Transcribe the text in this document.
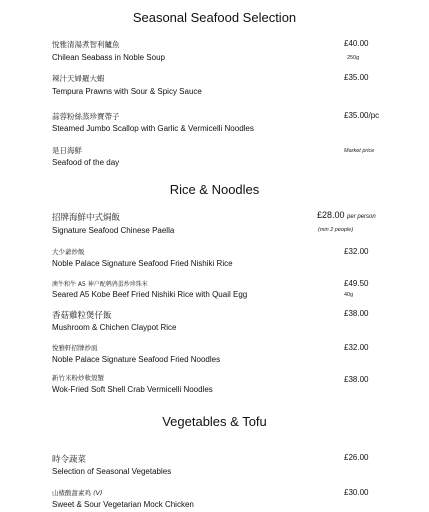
Seasonal Seafood Selection
悅雅清湯煮智利鱸魚	£40.00
Chilean Seabass in Noble Soup	250g
辣汁天婦羅大蝦	£35.00
Tempura Prawns with Sour & Spicy Sauce
蒜蓉粉絲蒸珍寶帶子	£35.00/pc
Steamed Jumbo Scallop with Garlic & Vermicelli Noodles
是日海鮮	Market price
Seafood of the day
Rice & Noodles
招牌海鮮中式焗飯	£28.00 per person
Signature Seafood Chinese Paella	(min 2 people)
大少爺炒飯	£32.00
Noble Palace Signature Seafood Fried Nishiki Rice
澳牛和牛 A5 神户配鹌鹑蛋炒珍珠米	£49.50
Seared A5 Kobe Beef Fried Nishiki Rice with Quail Egg	40g
香菇雞粒煲仔飯	£38.00
Mushroom & Chichen Claypot Rice
悅雅軒招牌炒面	£32.00
Noble Palace Signature Seafood Fried Noodles
新竹米粉炒軟殼蟹	£38.00
Wok-Fried Soft Shell Crab Vermicelli Noodles
Vegetables & Tofu
時令蔬菜	£26.00
Selection of Seasonal Vegetables
山楂酸甜素鸡 (V)	£30.00
Sweet & Sour Vegetarian Mock Chicken
